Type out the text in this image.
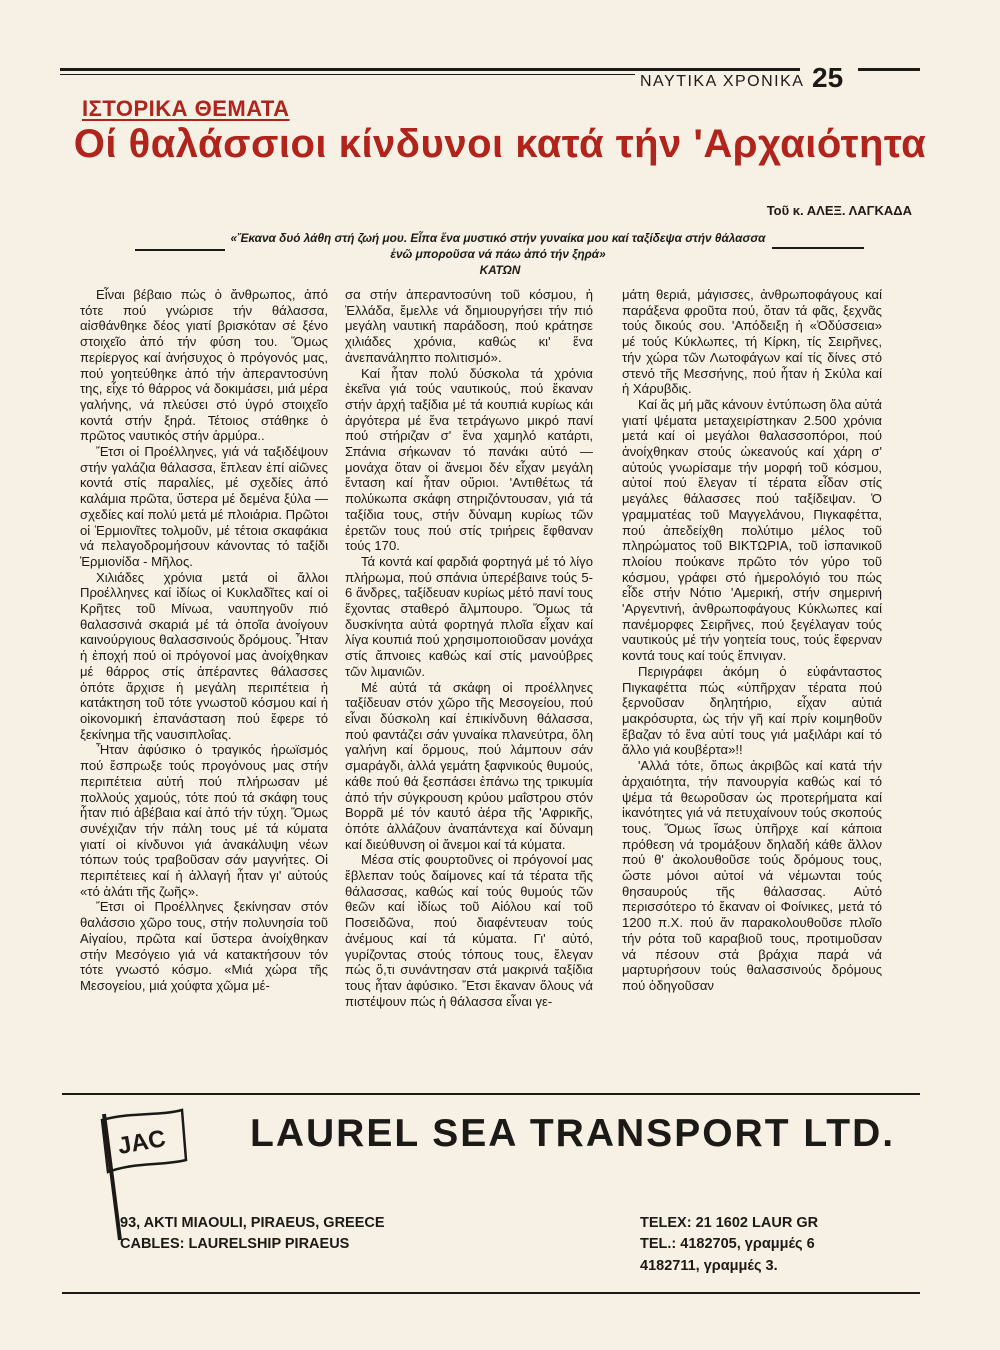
ΝΑΥΤΙΚΑ ΧΡΟΝΙΚΑ 25
ΙΣΤΟΡΙΚΑ ΘΕΜΑΤΑ
Οί θαλάσσιοι κίνδυνοι κατά τήν 'Αρχαιότητα
Τοῦ κ. ΑΛΕΞ. ΛΑΓΚΑΔΑ
«Ἔκανα δυό λάθη στή ζωή μου. Εἶπα ἕνα μυστικό στήν γυναίκα μου καί ταξίδεψα στήν θάλασσα ἐνῶ μποροῦσα νά πάω ἀπό τήν ξηρά»
ΚΑΤΩΝ

Εἶναι βέβαιο πώς ὁ ἄνθρωπος, ἀπό τότε πού γνώρισε τήν θάλασσα, αἰσθάνθηκε δέος γιατί βρισκόταν σέ ξένο στοιχεῖο ἀπό τήν φύση του. Ὅμως περίεργος καί ἀνήσυχος ὁ πρόγονός μας, πού γοητεύθηκε ἀπό τήν ἀπεραντοσύνη της, εἶχε τό θάρρος νά δοκιμάσει, μιά μέρα γαλήνης, νά πλεύσει στό ὑγρό στοιχεῖο κοντά στήν ξηρά. Τέτοιος στάθηκε ὁ πρῶτος ναυτικός στήν ἁρμύρα..

Ἔτσι οἱ Προέλληνες, γιά νά ταξιδέψουν στήν γαλάζια θάλασσα, ἔπλεαν ἐπί αἰῶνες κοντά στίς παραλίες, μέ σχεδίες ἀπό καλάμια πρῶτα, ὕστερα μέ δεμένα ξύλα — σχεδίες καί πολύ μετά μέ πλοιάρια. Πρῶτοι οἱ Ἑρμιονῖτες τολμοῦν, μέ τέτοια σκαφάκια νά πελαγοδρομήσουν κάνοντας τό ταξίδι Ἑρμιονίδα - Μῆλος.

Χιλιάδες χρόνια μετά οἱ ἄλλοι Προέλληνες καί ἰδίως οἱ Κυκλαδῖτες καί οἱ Κρῆτες τοῦ Μίνωα, ναυπηγοῦν πιό θαλασσινά σκαριά μέ τά ὁποῖα ἀνοίγουν καινούργιους θαλασσινούς δρόμους. Ἦταν ἡ ἐποχή πού οἱ πρόγονοί μας ἀνοίχθηκαν μέ θάρρος στίς ἀπέραντες θάλασσες ὁπότε ἄρχισε ἡ μεγάλη περιπέτεια ἡ κατάκτηση τοῦ τότε γνωστοῦ κόσμου καί ἡ οἰκονομική ἐπανάσταση πού ἔφερε τό ξεκίνημα τῆς ναυσιπλοΐας.

Ἦταν ἀφύσικο ὁ τραγικός ἡρωϊσμός πού ἔσπρωξε τούς προγόνους μας στήν περιπέτεια αὐτή πού πλήρωσαν μέ πολλούς χαμούς, τότε πού τά σκάφη τους ἦταν πιό ἀβέβαια καί ἀπό τήν τύχη. Ὅμως συνέχιζαν τήν πάλη τους μέ τά κύματα γιατί οἱ κίνδυνοι γιά ἀνακάλυψη νέων τόπων τούς τραβοῦσαν σάν μαγνήτες. Οἱ περιπέτειες καί ἡ ἀλλαγή ἦταν γι' αὐτούς «τό ἁλάτι τῆς ζωῆς».

Ἔτσι οἱ Προέλληνες ξεκίνησαν στόν θαλάσσιο χῶρο τους, στήν πολυνησία τοῦ Αἰγαίου, πρῶτα καί ὕστερα ἀνοίχθηκαν στήν Μεσόγειο γιά νά κατακτήσουν τόν τότε γνωστό κόσμο. «Μιά χώρα τῆς Μεσογείου, μιά χούφτα χῶμα μέ-

σα στήν ἀπεραντοσύνη τοῦ κόσμου, ἡ Ἑλλάδα, ἔμελλε νά δημιουργήσει τήν πιό μεγάλη ναυτική παράδοση, πού κράτησε χιλιάδες χρόνια, καθώς κι' ἕνα ἀνεπανάληπτο πολιτισμό».

Καί ἦταν πολύ δύσκολα τά χρόνια ἐκεῖνα γιά τούς ναυτικούς, πού ἔκαναν στήν ἀρχή ταξίδια μέ τά κουπιά κυρίως κάι ἀργότερα μέ ἕνα τετράγωνο μικρό πανί πού στήριζαν σ' ἕνα χαμηλό κατάρτι, Σπάνια σήκωναν τό πανάκι αὐτό — μονάχα ὅταν οἱ ἄνεμοι δέν εἶχαν μεγάλη ἔνταση καί ἦταν οὔριοι. 'Αντιθέτως τά πολύκωπα σκάφη στηριζόντουσαν, γιά τά ταξίδια τους, στήν δύναμη κυρίως τῶν ἐρετῶν τους πού στίς τριήρεις ἔφθαναν τούς 170.

Τά κοντά καί φαρδιά φορτηγά μέ τό λίγο πλήρωμα, πού σπάνια ὑπερέβαινε τούς 5-6 ἄνδρες, ταξίδευαν κυρίως μέτό πανί τους ἔχοντας σταθερό ἄλμπουρο. Ὅμως τά δυσκίνητα αὐτά φορτηγά πλοῖα εἶχαν καί λίγα κουπιά πού χρησιμοποιοῦσαν μονάχα στίς ἄπνοιες καθώς καί στίς μανούβρες τῶν λιμανιῶν.

Μέ αὐτά τά σκάφη οἱ προέλληνες ταξίδευαν στόν χῶρο τῆς Μεσογείου, πού εἶναι δύσκολη καί ἐπικίνδυνη θάλασσα, πού φαντάζει σάν γυναίκα πλανεύτρα, ὅλη γαλήνη καί ὅρμους, πού λάμπουν σάν σμαράγδι, ἀλλά γεμάτη ξαφνικούς θυμούς, κάθε πού θά ξεσπάσει ἐπάνω της τρικυμία ἀπό τήν σύγκρουση κρύου μαΐστρου στόν Βορρᾶ μέ τόν καυτό ἀέρα τῆς 'Αφρικῆς, ὁπότε ἀλλάζουν ἀναπάντεχα καί δύναμη καί διεύθυνση οἱ ἄνεμοι καί τά κύματα.

Μέσα στίς φουρτοῦνες οἱ πρόγονοί μας ἔβλεπαν τούς δαίμονες καί τά τέρατα τῆς θάλασσας, καθώς καί τούς θυμούς τῶν θεῶν καί ἰδίως τοῦ Αἰόλου καί τοῦ Ποσειδῶνα, πού διαφέντευαν τούς ἀνέμους καί τά κύματα. Γι' αὐτό, γυρίζοντας στούς τόπους τους, ἔλεγαν πώς ὅ,τι συνάντησαν στά μακρινά ταξίδια τους ἦταν ἀφύσικο. Ἔτσι ἔκαναν ὅλους νά πιστέψουν πώς ἡ θάλασσα εἶναι γε-

μάτη θεριά, μάγισσες, ἀνθρωποφάγους καί παράξενα φροῦτα πού, ὅταν τά φᾶς, ξεχνᾶς τούς δικούς σου. 'Απόδειξη ἡ «Ὀδύσσεια» μέ τούς Κύκλωπες, τή Κίρκη, τίς Σειρῆνες, τήν χώρα τῶν Λωτοφάγων καί τίς δίνες στό στενό τῆς Μεσσήνης, πού ἦταν ἡ Σκύλα καί ἡ Χάρυβδις.

Καί ἄς μή μᾶς κάνουν ἐντύπωση ὅλα αὐτά γιατί ψέματα μεταχειρίστηκαν 2.500 χρόνια μετά καί οἱ μεγάλοι θαλασσοπόροι, πού ἀνοίχθηκαν στούς ὠκεανούς καί χάρη σ' αὐτούς γνωρίσαμε τήν μορφή τοῦ κόσμου, αὐτοί πού ἔλεγαν τί τέρατα εἶδαν στίς μεγάλες θάλασσες πού ταξίδεψαν. Ὁ γραμματέας τοῦ Μαγγελάνου, Πιγκαφέττα, πού ἀπεδείχθη πολύτιμο μέλος τοῦ πληρώματος τοῦ ΒΙΚΤΩΡΙΑ, τοῦ ἰσπανικοῦ πλοίου πούκανε πρῶτο τόν γύρο τοῦ κόσμου, γράφει στό ἡμερολόγιό του πώς εἶδε στήν Νότιο 'Αμερική, στήν σημερινή 'Αργεντινή, ἀνθρωποφάγους Κύκλωπες καί πανέμορφες Σειρῆνες, πού ξεγέλαγαν τούς ναυτικούς μέ τήν γοητεία τους, τούς ἔφερναν κοντά τους καί τούς ἔπνιγαν.

Περιγράφει ἀκόμη ὁ εὐφάνταστος Πιγκαφέττα πώς «ὑπῆρχαν τέρατα πού ξερνοῦσαν δηλητήριο, εἶχαν αὐτιά μακρόσυρτα, ὡς τήν γῆ καί πρίν κοιμηθοῦν ἔβαζαν τό ἕνα αὐτί τους γιά μαξιλάρι καί τό ἄλλο γιά κουβέρτα»!!

'Αλλά τότε, ὅπως ἀκριβῶς καί κατά τήν ἀρχαιότητα, τήν πανουργία καθώς καί τό ψέμα τά θεωροῦσαν ὡς προτερήματα καί ἱκανότητες γιά νά πετυχαίνουν τούς σκοπούς τους. Ὅμως ἴσως ὑπῆρχε καί κάποια πρόθεση νά τρομάξουν δηλαδή κάθε ἄλλον πού θ' ἀκολουθοῦσε τούς δρόμους τους, ὥστε μόνοι αὐτοί νά νέμωνται τούς θησαυρούς τῆς θάλασσας. Αὐτό περισσότερο τό ἔκαναν οἱ Φοίνικες, μετά τό 1200 π.Χ. πού ἄν παρακολουθοῦσε πλοῖο τήν ρότα τοῦ καραβιοῦ τους, προτιμοῦσαν νά πέσουν στά βράχια παρά νά μαρτυρήσουν τούς θαλασσινούς δρόμους πού ὁδηγοῦσαν

JAC LAUREL SEA TRANSPORT LTD.
93, AKTI MIAOULI, PIRAEUS, GREECE
CABLES: LAURELSHIP PIRAEUS
TELEX: 21 1602 LAUR GR
TEL.: 4182705, γραμμές 6
4182711, γραμμές 3.
